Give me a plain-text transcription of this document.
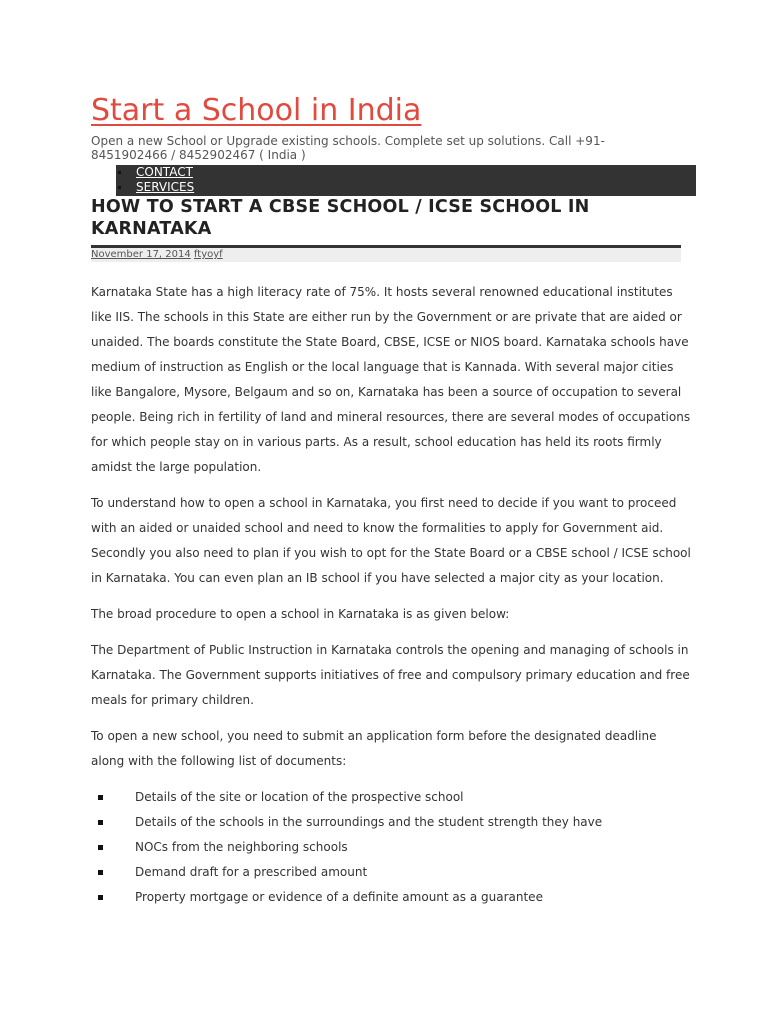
Start a School in India

Open a new School or Upgrade existing schools. Complete set up solutions. Call +91- 8451902466 / 8452902467 ( India )

CONTACT
SERVICES
HOW TO START A CBSE SCHOOL / ICSE SCHOOL IN KARNATAKA
November 17, 2014 ftyoyf

Karnataka State has a high literacy rate of 75%. It hosts several renowned educational institutes like IIS. The schools in this State are either run by the Government or are private that are aided or unaided. The boards constitute the State Board, CBSE, ICSE or NIOS board. Karnataka schools have medium of instruction as English or the local language that is Kannada. With several major cities like Bangalore, Mysore, Belgaum and so on, Karnataka has been a source of occupation to several people. Being rich in fertility of land and mineral resources, there are several modes of occupations for which people stay on in various parts. As a result, school education has held its roots firmly amidst the large population.

To understand how to open a school in Karnataka, you first need to decide if you want to proceed with an aided or unaided school and need to know the formalities to apply for Government aid. Secondly you also need to plan if you wish to opt for the State Board or a CBSE school / ICSE school in Karnataka. You can even plan an IB school if you have selected a major city as your location.

The broad procedure to open a school in Karnataka is as given below:

The Department of Public Instruction in Karnataka controls the opening and managing of schools in Karnataka. The Government supports initiatives of free and compulsory primary education and free meals for primary children.

To open a new school, you need to submit an application form before the designated deadline along with the following list of documents:

Details of the site or location of the prospective school
Details of the schools in the surroundings and the student strength they have
NOCs from the neighboring schools
Demand draft for a prescribed amount
Property mortgage or evidence of a definite amount as a guarantee
